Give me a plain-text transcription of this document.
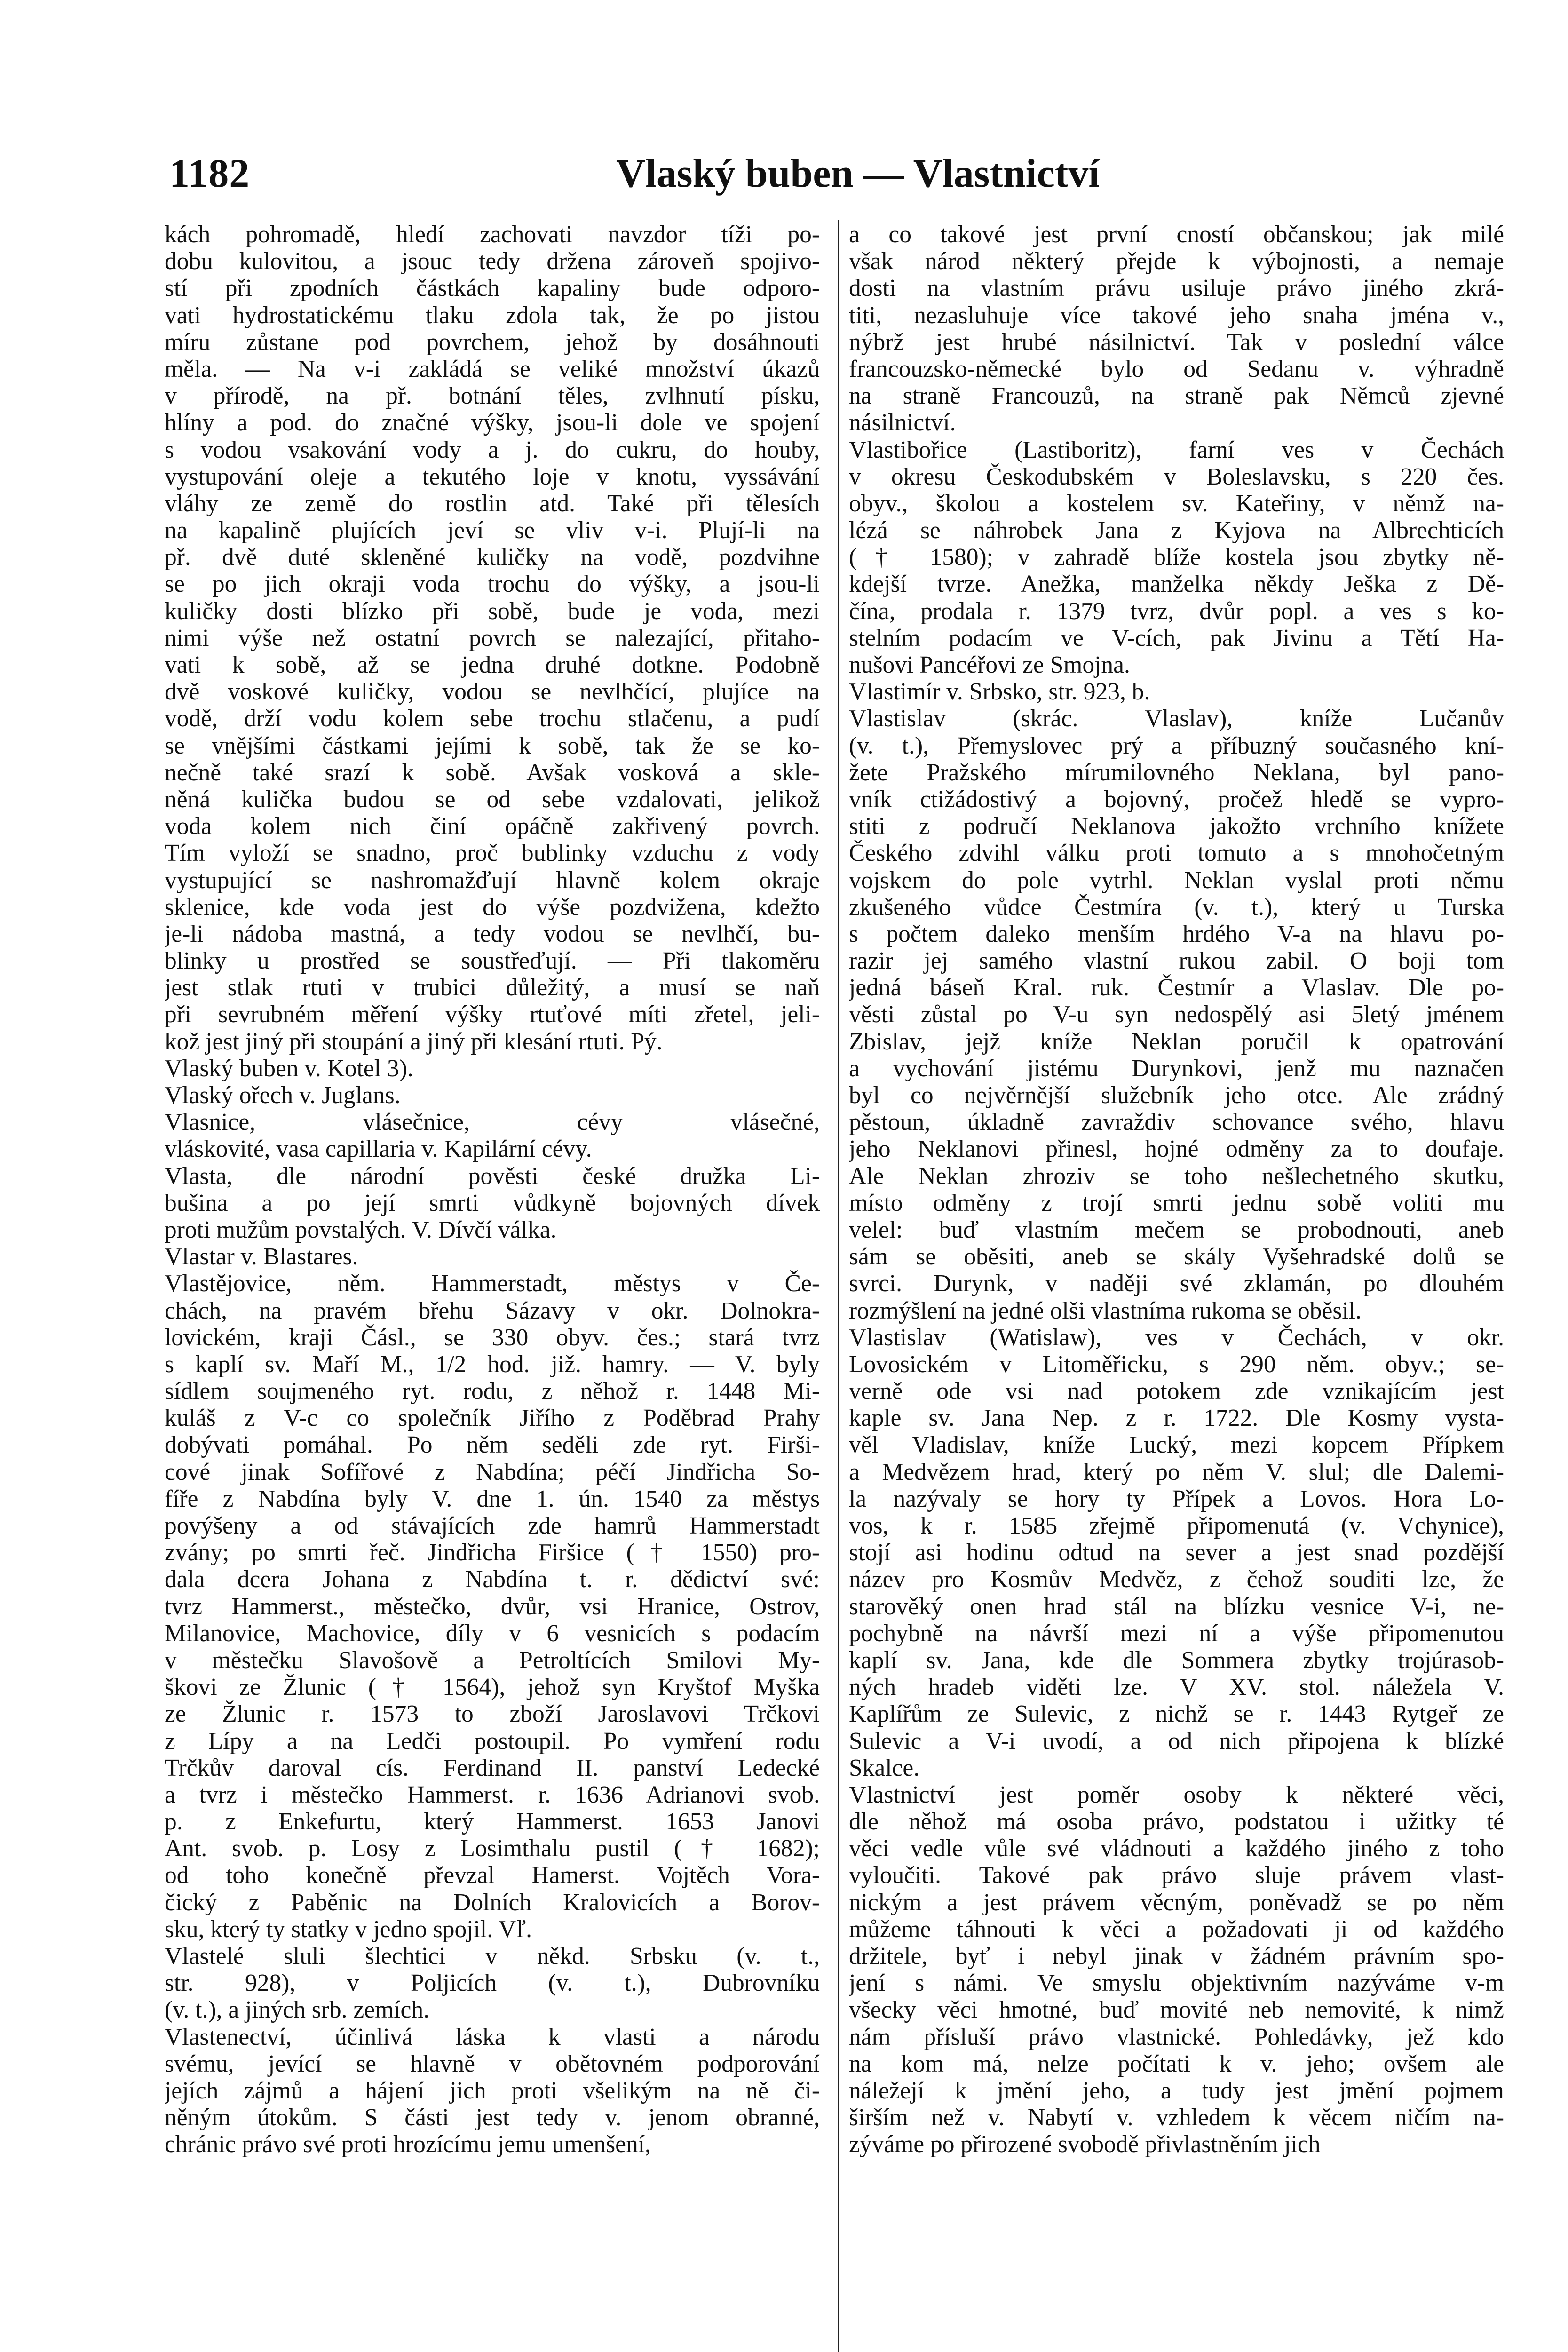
1182	Vlaský buben — Vlastnictví
kách pohromadě, hledí zachovati navzdor tíži po-
dobu kulovitou, a jsouc tedy držena zároveň spojivo-
stí při zpodních částkách kapaliny bude odporo-
vati hydrostatickému tlaku zdola tak, že po jistou
míru zůstane pod povrchem, jehož by dosáhnouti
měla. — Na v-i zakládá se veliké množství úkazů
v přírodě, na př. botnání těles, zvlhnutí písku,
hlíny a pod. do značné výšky, jsou-li dole ve spojení
s vodou vsakování vody a j. do cukru, do houby,
vystupování oleje a tekutého loje v knotu, vyssávání
vláhy ze země do rostlin atd. Také při tělesích
na kapalině plujících jeví se vliv v-i. Plují-li na
př. dvě duté skleněné kuličky na vodě, pozdvihne
se po jich okraji voda trochu do výšky, a jsou-li
kuličky dosti blízko při sobě, bude je voda, mezi
nimi výše než ostatní povrch se nalezající, přitaho-
vati k sobě, až se jedna druhé dotkne. Podobně
dvě voskové kuličky, vodou se nevlhčící, plujíce na
vodě, drží vodu kolem sebe trochu stlačenu, a pudí
se vnějšími částkami jejími k sobě, tak že se ko-
nečně také srazí k sobě. Avšak vosková a skle-
něná kulička budou se od sebe vzdalovati, jelikož
voda kolem nich činí opáčně zakřivený povrch.
Tím vyloží se snadno, proč bublinky vzduchu z vody
vystupující se nashromažďují hlavně kolem okraje
sklenice, kde voda jest do výše pozdvižena, kdežto
je-li nádoba mastná, a tedy vodou se nevlhčí, bu-
blinky u prostřed se soustřeďují. — Při tlakoměru
jest stlak rtuti v trubici důležitý, a musí se naň
při sevrubném měření výšky rtuťové míti zřetel, jeli-
kož jest jiný při stoupání a jiný při klesání rtuti. Pý.
Vlaský buben v. Kotel 3).
Vlaský ořech v. Juglans.
Vlasnice, vlásečnice, cévy vlásečné,
vláskovité, vasa capillaria v. Kapilární cévy.
Vlasta, dle národní pověsti české družka Li-
bušina a po její smrti vůdkyně bojovných dívek
proti mužům povstalých. V. Dívčí válka.
Vlastar v. Blastares.
Vlastějovice, něm. Hammerstadt, městys v Če-
chách, na pravém břehu Sázavy v okr. Dolnokra-
lovickém, kraji Čásl., se 330 obyv. čes.; stará tvrz
s kaplí sv. Maří M., 1/2 hod. již. hamry. — V. byly
sídlem soujmeného ryt. rodu, z něhož r. 1448 Mi-
kuláš z V-c co společník Jiřího z Poděbrad Prahy
dobývati pomáhal. Po něm seděli zde ryt. Firši-
cové jinak Sofířové z Nabdína; péčí Jindřicha So-
fíře z Nabdína byly V. dne 1. ún. 1540 za městys
povýšeny a od stávajících zde hamrů Hammerstadt
zvány; po smrti řeč. Jindřicha Firšice († 1550) pro-
dala dcera Johana z Nabdína t. r. dědictví své:
tvrz Hammerst., městečko, dvůr, vsi Hranice, Ostrov,
Milanovice, Machovice, díly v 6 vesnicích s podacím
v městečku Slavošově a Petroltících Smilovi My-
škovi ze Žlunic († 1564), jehož syn Kryštof Myška
ze Žlunic r. 1573 to zboží Jaroslavovi Trčkovi
z Lípy a na Ledči postoupil. Po vymření rodu
Trčkův daroval cís. Ferdinand II. panství Ledecké
a tvrz i městečko Hammerst. r. 1636 Adrianovi svob.
p. z Enkefurtu, který Hammerst. 1653 Janovi
Ant. svob. p. Losy z Losimthalu pustil († 1682);
od toho konečně převzal Hamerst. Vojtěch Vora-
čický z Paběnic na Dolních Kralovicích a Borov-
sku, který ty statky v jedno spojil. Vľ.
Vlastelé sluli šlechtici v někd. Srbsku (v. t.,
str. 928), v Poljicích (v. t.), Dubrovníku
(v. t.), a jiných srb. zemích.
Vlastenectví, účinlivá láska k vlasti a národu
svému, jevící se hlavně v obětovném podporování
jejích zájmů a hájení jich proti všelikým na ně či-
něným útokům. S části jest tedy v. jenom obranné,
chránic právo své proti hrozícímu jemu umenšení,
a co takové jest první cností občanskou; jak milé
však národ některý přejde k výbojnosti, a nemaje
dosti na vlastním právu usiluje právo jiného zkrá-
titi, nezasluhuje více takové jeho snaha jména v.,
nýbrž jest hrubé násilnictví. Tak v poslední válce
francouzsko-německé bylo od Sedanu v. výhradně
na straně Francouzů, na straně pak Němců zjevné
násilnictví.
Vlastibořice (Lastiboritz), farní ves v Čechách
v okresu Českodubském v Boleslavsku, s 220 čes.
obyv., školou a kostelem sv. Kateřiny, v němž na-
lézá se náhrobek Jana z Kyjova na Albrechticích
(† 1580); v zahradě blíže kostela jsou zbytky ně-
kdejší tvrze. Anežka, manželka někdy Ješka z Dě-
čína, prodala r. 1379 tvrz, dvůr popl. a ves s ko-
stelním podacím ve V-cích, pak Jivinu a Tětí Ha-
nušovi Pancéřovi ze Smojna.
Vlastimír v. Srbsko, str. 923, b.
Vlastislav (skrác. Vlaslav), kníže Lučanův
(v. t.), Přemyslovec prý a příbuzný současného kní-
žete Pražského mírumilovného Neklana, byl pano-
vník ctižádostivý a bojovný, pročež hledě se vypro-
stiti z područí Neklanova jakožto vrchního knížete
Českého zdvihl válku proti tomuto a s mnohočetným
vojskem do pole vytrhl. Neklan vyslal proti němu
zkušeného vůdce Čestmíra (v. t.), který u Turska
s počtem daleko menším hrdého V-a na hlavu po-
razir jej samého vlastní rukou zabil. O boji tom
jedná báseň Kral. ruk. Čestmír a Vlaslav. Dle po-
věsti zůstal po V-u syn nedospělý asi 5letý jménem
Zbislav, jejž kníže Neklan poručil k opatrování
a vychování jistému Durynkovi, jenž mu naznačen
byl co nejvěrnější služebník jeho otce. Ale zrádný
pěstoun, úkladně zavraždiv schovance svého, hlavu
jeho Neklanovi přinesl, hojné odměny za to doufaje.
Ale Neklan zhroziv se toho nešlechetného skutku,
místo odměny z trojí smrti jednu sobě voliti mu
velel: buď vlastním mečem se probodnouti, aneb
sám se oběsiti, aneb se skály Vyšehradské dolů se
svrci. Durynk, v naději své zklamán, po dlouhém
rozmýšlení na jedné olši vlastníma rukoma se oběsil.
Vlastislav (Watislaw), ves v Čechách, v okr.
Lovosickém v Litoměřicku, s 290 něm. obyv.; se-
verně ode vsi nad potokem zde vznikajícím jest
kaple sv. Jana Nep. z r. 1722. Dle Kosmy vysta-
věl Vladislav, kníže Lucký, mezi kopcem Přípkem
a Medvězem hrad, který po něm V. slul; dle Dalemi-
la nazývaly se hory ty Přípek a Lovos. Hora Lo-
vos, k r. 1585 zřejmě připomenutá (v. Vchynice),
stojí asi hodinu odtud na sever a jest snad pozdější
název pro Kosmův Medvěz, z čehož souditi lze, že
starověký onen hrad stál na blízku vesnice V-i, ne-
pochybně na návrší mezi ní a výše připomenutou
kaplí sv. Jana, kde dle Sommera zbytky trojúrasob-
ných hradeb viděti lze. V XV. stol. náležela V.
Kaplířům ze Sulevic, z nichž se r. 1443 Rytgeř ze
Sulevic a V-i uvodí, a od nich připojena k blízké
Skalce.
Vlastnictví jest poměr osoby k některé věci,
dle něhož má osoba právo, podstatou i užitky té
věci vedle vůle své vládnouti a každého jiného z toho
vyloučiti. Takové pak právo sluje právem vlast-
nickým a jest právem věcným, poněvadž se po něm
můžeme táhnouti k věci a požadovati ji od každého
držitele, byť i nebyl jinak v žádném právním spo-
jení s námi. Ve smyslu objektivním nazýváme v-m
všecky věci hmotné, buď movité neb nemovité, k nimž
nám přísluší právo vlastnické. Pohledávky, jež kdo
na kom má, nelze počítati k v. jeho; ovšem ale
náležejí k jmění jeho, a tudy jest jmění pojmem
širším než v. Nabytí v. vzhledem k věcem ničím na-
zýváme po přirozené svobodě přivlastněním jich
